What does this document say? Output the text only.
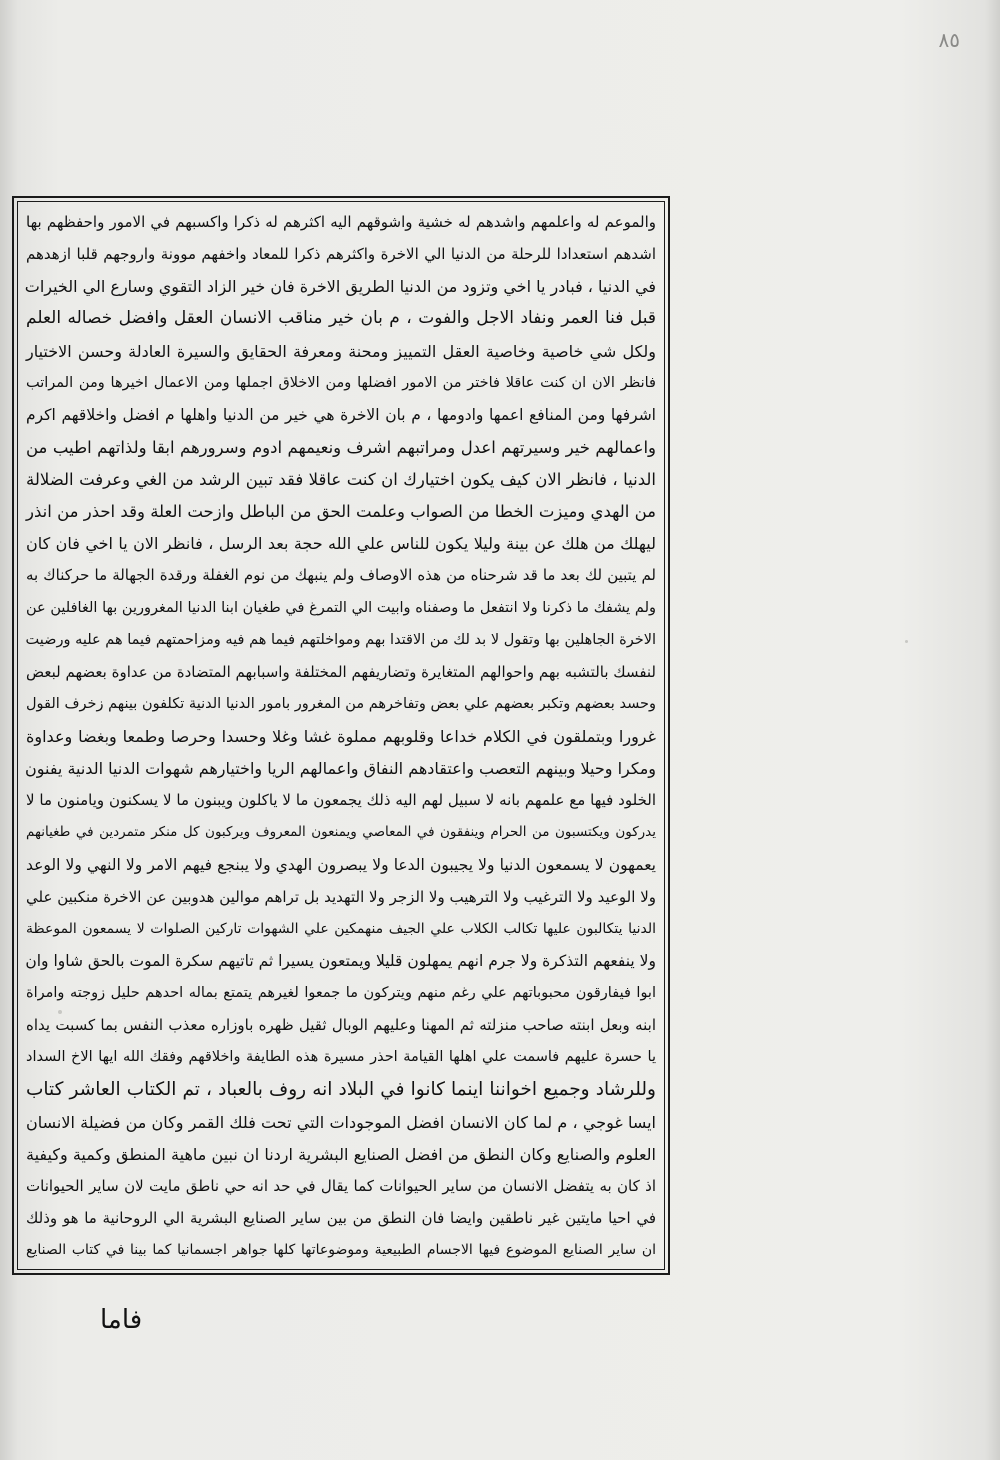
٨٥
والموعم له واعلمهم واشدهم له خشية واشوقهم اليه اكثرهم له ذكرا واكسبهم في الامور واحفظهم بها
اشدهم استعدادا للرحلة من الدنيا الي الاخرة واكثرهم ذكرا للمعاد واخفهم موونة واروجهم قلبا ازهدهم
في الدنيا ، فبادر يا اخي وتزود من الدنيا الطريق الاخرة فان خير الزاد التقوي وسارع الي الخيرات
قبل فنا العمر ونفاد الاجل والفوت ، م بان خير مناقب الانسان العقل وافضل خصاله العلم
ولكل شي خاصية وخاصية العقل التمييز ومحنة ومعرفة الحقايق والسيرة العادلة وحسن الاختيار
فانظر الان ان كنت عاقلا فاختر من الامور افضلها ومن الاخلاق اجملها ومن الاعمال اخيرها ومن المراتب
اشرفها ومن المنافع اعمها وادومها ، م بان الاخرة هي خير من الدنيا واهلها م افضل واخلاقهم اكرم
واعمالهم خير وسيرتهم اعدل ومراتبهم اشرف ونعيمهم ادوم وسرورهم ابقا ولذاتهم اطيب من
الدنيا ، فانظر الان كيف يكون اختيارك ان كنت عاقلا فقد تبين الرشد من الغي وعرفت الضلالة
من الهدي وميزت الخطا من الصواب وعلمت الحق من الباطل وازحت العلة وقد احذر من انذر
ليهلك من هلك عن بينة وليلا يكون للناس علي الله حجة بعد الرسل ، فانظر الان يا اخي فان كان
لم يتبين لك بعد ما قد شرحناه من هذه الاوصاف ولم ينبهك من نوم الغفلة ورقدة الجهالة ما حركناك به
ولم يشفك ما ذكرنا ولا انتفعل ما وصفناه وابيت الي التمرغ في طغيان ابنا الدنيا المغرورين بها الغافلين عن
الاخرة الجاهلين بها وتقول لا بد لك من الاقتدا بهم ومواخلتهم فيما هم فيه ومزاحمتهم فيما هم عليه ورضيت
لنفسك بالتشبه بهم واحوالهم المتغايرة وتضاريفهم المختلفة واسبابهم المتضادة من عداوة بعضهم لبعض
وحسد بعضهم وتكبر بعضهم علي بعض وتفاخرهم من المغرور بامور الدنيا الدنية تكلفون بينهم زخرف القول
غرورا وبتملقون في الكلام خداعا وقلوبهم مملوة غشا وغلا وحسدا وحرصا وطمعا وبغضا وعداوة
ومكرا وحيلا وبينهم التعصب واعتقادهم النفاق واعمالهم الريا واختيارهم شهوات الدنيا الدنية يفنون
الخلود فيها مع علمهم بانه لا سبيل لهم اليه ذلك يجمعون ما لا ياكلون ويبنون ما لا يسكنون ويامنون ما لا
يدركون ويكتسبون من الحرام وينفقون في المعاصي ويمنعون المعروف ويركبون كل منكر متمردين في طغيانهم
يعمهون لا يسمعون الدنيا ولا يجيبون الدعا ولا يبصرون الهدي ولا يبنجع فيهم الامر ولا النهي ولا الوعد
ولا الوعيد ولا الترغيب ولا الترهيب ولا الزجر ولا التهديد بل تراهم موالين هدوبين عن الاخرة منكبين علي
الدنيا يتكالبون عليها تكالب الكلاب علي الجيف منهمكين علي الشهوات تاركين الصلوات لا يسمعون الموعظة
ولا ينفعهم التذكرة ولا جرم انهم يمهلون قليلا ويمتعون يسيرا ثم تاتيهم سكرة الموت بالحق شاوا وان
ابوا فيفارقون محبوباتهم علي رغم منهم ويتركون ما جمعوا لغيرهم يتمتع بماله احدهم حليل زوجته وامراة
ابنه وبعل ابنته صاحب منزلته ثم المهنا وعليهم الوبال ثقيل ظهره باوزاره معذب النفس بما كسبت يداه
يا حسرة عليهم فاسمت علي اهلها القيامة احذر مسيرة هذه الطايفة واخلاقهم وفقك الله ايها الاخ السداد
وللرشاد وجميع اخواننا اينما كانوا في البلاد انه روف بالعباد ، تم الكتاب العاشر كتاب
ايسا غوجي ، م لما كان الانسان افضل الموجودات التي تحت فلك القمر وكان من فضيلة الانسان
العلوم والصنايع وكان النطق من افضل الصنايع البشرية اردنا ان نبين ماهية المنطق وكمية وكيفية
اذ كان به يتفضل الانسان من ساير الحيوانات كما يقال في حد انه حي ناطق مايت لان ساير الحيوانات
في احيا مايتين غير ناطقين وايضا فان النطق من بين ساير الصنايع البشرية الي الروحانية ما هو وذلك
ان ساير الصنايع الموضوع فيها الاجسام الطبيعية وموضوعاتها كلها جواهر اجسمانيا كما بينا في كتاب الصنايع
فاما
